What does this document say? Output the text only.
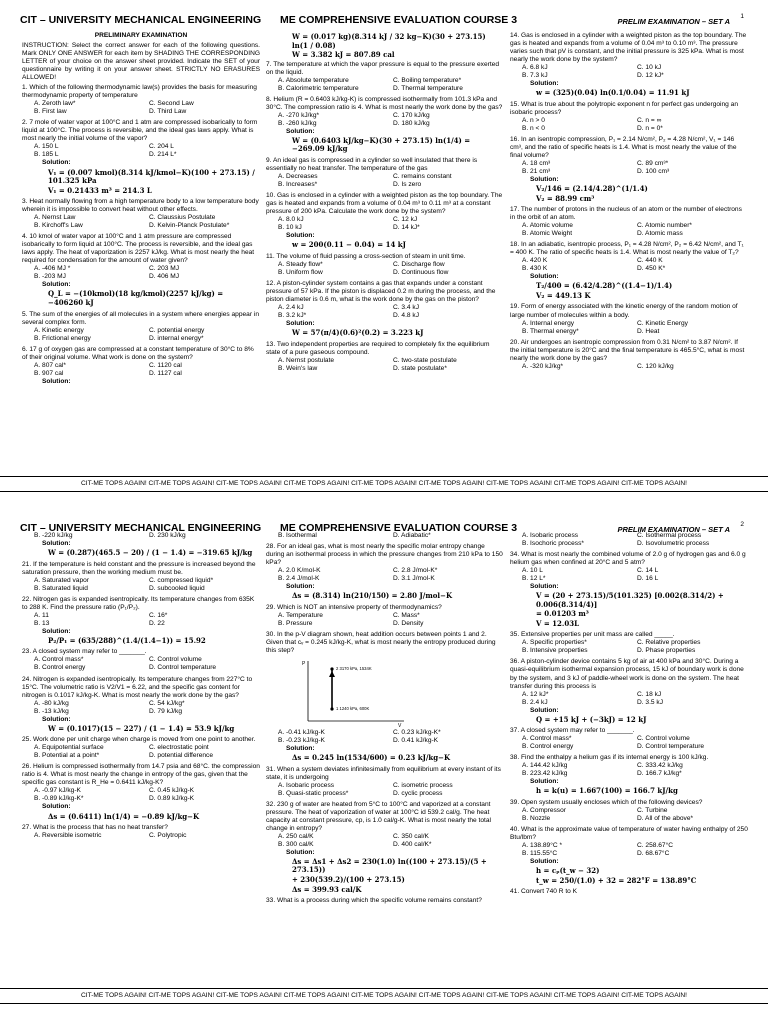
CIT – UNIVERSITY MECHANICAL ENGINEERING ME COMPREHENSIVE EVALUATION COURSE 3	PRELIM EXAMINATION – SET A
1

PRELIMINARY EXAMINATION

INSTRUCTION: Select the correct answer for each of the following questions. Mark ONLY ONE ANSWER for each item by SHADING THE CORRESPONDING LETTER of your choice on the answer sheet provided. Indicate the SET of your questionnaire by writing it on your answer sheet. STRICTLY NO ERASURES ALLOWED!

1. Which of the following thermodynamic law(s) provides the basis for measuring thermodynamic property of temperature
A. Zeroth law*	C. Second Law
B. First law	D. Third Law
2. 7 mole of water vapor at 100°C and 1 atm are compressed isobarically to form liquid at 100°C. The process is reversible, and the ideal gas laws apply. What is most nearly the initial volume of the vapor?
A. 150 L	C. 204 L
B. 185 L	D. 214 L*
Solution:
V₁ = (0.007 kmol)(8.314 kJ/kmol−K)(100 + 273.15) / 101.325 kPa
V₁ = 0.21433 m³ = 214.3 L
3. Heat normally flowing from a high temperature body to a low temperature body wherein it is impossible to convert heat without other effects.
A. Nernst Law	C. Claussius Postulate
B. Kirchoff's Law	D. Kelvin-Planck Postulate*
4. 10 kmol of water vapor at 100°C and 1 atm pressure are compressed isobarically to form liquid at 100°C. The process is reversible, and the ideal gas laws apply. The heat of vaporization is 2257 kJ/kg. What is most nearly the heat required for condensation for the amount of water given?
A. -406 MJ *	C. 203 MJ
B. -203 MJ	D. 406 MJ
Solution:
Q_L = −(10kmol)(18 kg/kmol)(2257 kJ/kg) = −406260 kJ
5. The sum of the energies of all molecules in a system where energies appear in several complex form.
A. Kinetic energy	C. potential energy
B. Frictional energy	D. internal energy*
6. 17 g of oxygen gas are compressed at a constant temperature of 30°C to 8% of their original volume. What work is done on the system?
A. 807 cal*	C. 1120 cal
B. 907 cal	D. 1127 cal
Solution:
W = (0.017 kg)(8.314 kJ / 32 kg−K)(30 + 273.15) ln(1 / 0.08)
W = 3.382 kJ = 807.89 cal
7. The temperature at which the vapor pressure is equal to the pressure exerted on the liquid.
A. Absolute temperature	C. Boiling temperature*
B. Calorimetric temperature	D. Thermal temperature
8. Helium (R = 0.6403 kJ/kg-K) is compressed isothermally from 101.3 kPa and 30°C. The compression ratio is 4. What is most nearly the work done by the gas?
A. -270 kJ/kg*	C. 170 kJ/kg
B. -260 kJ/kg	D. 180 kJ/kg
Solution:
W = (0.6403 kJ/kg−K)(30 + 273.15) ln(1/4) = −269.09 kJ/kg
9. An ideal gas is compressed in a cylinder so well insulated that there is essentially no heat transfer. The temperature of the gas
A. Decreases	C. remains constant
B. Increases*	D. Is zero
10. Gas is enclosed in a cylinder with a weighted piston as the top boundary. The gas is heated and expands from a volume of 0.04 m³ to 0.11 m³ at a constant pressure of 200 kPa. Calculate the work done by the system?
A. 8.0 kJ	C. 12 kJ
B. 10 kJ	D. 14 kJ*
Solution:
w = 200(0.11 − 0.04) = 14 kJ
11. The volume of fluid passing a cross-section of steam in unit time.
A. Steady flow*	C. Discharge flow
B. Uniform flow	D. Continuous flow
12. A piston-cylinder system contains a gas that expands under a constant pressure of 57 kPa. If the piston is displaced 0.2 m during the process, and the piston diameter is 0.6 m, what is the work done by the gas on the piston?
A. 2.4 kJ	C. 3.4 kJ
B. 3.2 kJ*	D. 4.8 kJ
Solution:
W = 57(π/4)(0.6)²(0.2) = 3.223 kJ
13. Two independent properties are required to completely fix the equilibrium state of a pure gaseous compound.
A. Nernst postulate	C. two-state postulate
B. Wein's law	D. state postulate*
14. Gas is enclosed in a cylinder with a weighted piston as the top boundary. The gas is heated and expands from a volume of 0.04 m³ to 0.10 m³. The pressure varies such that pV is constant, and the initial pressure is 325 kPa. What is most nearly the work done by the system?
A. 6.8 kJ	C. 10 kJ
B. 7.3 kJ	D. 12 kJ*
Solution:
w = (325)(0.04) ln(0.1/0.04) = 11.91 kJ
15. What is true about the polytropic exponent n for perfect gas undergoing an isobaric process?
A. n > 0	C. n = ∞
B. n < 0	D. n = 0*
16. In an isentropic compression, P₁ = 2.14 N/cm², P₂ = 4.28 N/cm², V₁ = 146 cm³, and the ratio of specific heats is 1.4. What is most nearly the value of the final volume?
A. 18 cm³	C. 89 cm³*
B. 21 cm³	D. 100 cm³
Solution:
V₂/146 = (2.14/4.28)^(1/1.4)
V₂ = 88.99 cm³
17. The number of protons in the nucleus of an atom or the number of electrons in the orbit of an atom.
A. Atomic volume	C. Atomic number*
B. Atomic Weight	D. Atomic mass
18. In an adiabatic, isentropic process, P₁ = 4.28 N/cm², P₂ = 6.42 N/cm², and T₁ = 400 K. The ratio of specific heats is 1.4. What is most nearly the value of T₂?
A. 420 K	C. 440 K
B. 430 K	D. 450 K*
Solution:
T₂/400 = (6.42/4.28)^((1.4−1)/1.4)
V₂ = 449.13 K
19. Form of energy associated with the kinetic energy of the random motion of large number of molecules within a body.
A. Internal energy	C. Kinetic Energy
B. Thermal energy*	D. Heat
20. Air undergoes an isentropic compression from 0.31 N/cm² to 3.87 N/cm². If the initial temperature is 20°C and the final temperature is 465.5°C, what is most nearly the work done by the gas?
A. -320 kJ/kg*	C. 120 kJ/kg
CIT-ME TOPS AGAIN! CIT-ME TOPS AGAIN! CIT-ME TOPS AGAIN! CIT-ME TOPS AGAIN! CIT-ME TOPS AGAIN! CIT-ME TOPS AGAIN! CIT-ME TOPS AGAIN! CIT-ME TOPS AGAIN! CIT-ME TOPS AGAIN!
CIT – UNIVERSITY MECHANICAL ENGINEERING ME COMPREHENSIVE EVALUATION COURSE 3	PRELIM EXAMINATION – SET A
2
B. -220 kJ/kg	D. 230 kJ/kg
Solution:
W = (0.287)(465.5 − 20) / (1 − 1.4) = −319.65 kJ/kg
21. If the temperature is held constant and the pressure is increased beyond the saturation pressure, then the working medium must be.
A. Saturated vapor	C. compressed liquid*
B. Saturated liquid	D. subcooled liquid
22. Nitrogen gas is expanded isentropically. Its temperature changes from 635K to 288 K. Find the pressure ratio (P₁/P₂).
A. 11	C. 16*
B. 13	D. 22
Solution:
P₂/P₁ = (635/288)^(1.4/(1.4−1)) = 15.92
23. A closed system may refer to _______.
A. Control mass*	C. Control volume
B. Control energy	D. Control temperature
24. Nitrogen is expanded isentropically. Its temperature changes from 227°C to 15°C. The volumetric ratio is V2/V1 = 6.22, and the specific gas content for nitrogen is 0.1017 kJ/kg-K. What is most nearly the work done by the gas?
A. -80 kJ/kg	C. 54 kJ/kg*
B. -13 kJ/kg	D. 79 kJ/kg
Solution:
W = (0.1017)(15 − 227) / (1 − 1.4) = 53.9 kJ/kg
25. Work done per unit charge when charge is moved from one point to another.
A. Equipotential surface	C. electrostatic point
B. Potential at a point*	D. potential difference
26. Helium is compressed isothermally from 14.7 psia and 68°C. the compression ratio is 4. What is most nearly the change in entropy of the gas, given that the specific gas constant is R_He = 0.6411 kJ/kg-K?
A. -0.97 kJ/kg-K	C. 0.45 kJ/kg-K
B. -0.89 kJ/kg-K*	D. 0.89 kJ/kg-K
Solution:
Δs = (0.6411) ln(1/4) = −0.89 kJ/kg−K
27. What is the process that has no heat transfer?
A. Reversible isometric	C. Polytropic
B. Isothermal	D. Adiabatic*
28. For an ideal gas, what is most nearly the specific molar entropy change during an isothermal process in which the pressure changes from 210 kPa to 150 kPa?
A. 2.0 K/mol-K	C. 2.8 J/mol-K*
B. 2.4 J/mol-K	D. 3.1 J/mol-K
Solution:
Δs = (8.314) ln(210/150) = 2.80 J/mol−K
29. Which is NOT an intensive property of thermodynamics?
A. Temperature	C. Mass*
B. Pressure	D. Density
30. In the p-V diagram shown, heat addition occurs between points 1 and 2. Given that cᵥ = 0.245 kJ/kg-K, what is most nearly the entropy produced during this step?
P
V
2 3170 kPa, 1534K
1 1240 kPa, 600K
A. -0.41 kJ/kg-K	C. 0.23 kJ/kg-K*
B. -0.23 kJ/kg-K	D. 0.41 kJ/kg-K
Solution:
Δs = 0.245 ln(1534/600) = 0.23 kJ/kg−K
31. When a system deviates infinitesimally from equilibrium at every instant of its state, it is undergoing
A. Isobaric process	C. isometric process
B. Quasi-static process*	D. cyclic process
32. 230 g of water are heated from 5°C to 100°C and vaporized at a constant pressure. The heat of vaporization of water at 100°C id 539.2 cal/g. The heat capacity at constant pressure, cp, is 1.0 cal/g-K. What is most nearly the total change in entropy?
A. 250 cal/K	C. 350 cal/K
B. 300 cal/K	D. 400 cal/K*
Solution:
Δs = Δs1 + Δs2 = 230(1.0) ln((100 + 273.15)/(5 + 273.15))
+ 230(539.2)/(100 + 273.15)
Δs = 399.93 cal/K
33. What is a process during which the specific volume remains constant?
A. Isobaric process	C. Isothermal process
B. Isochoric process*	D. Isovolumetric process
34. What is most nearly the combined volume of 2.0 g of hydrogen gas and 6.0 g helium gas when confined at 20°C and 5 atm?
A. 10 L	C. 14 L
B. 12 L*	D. 16 L
Solution:
V = (20 + 273.15)/5(101.325) [0.002(8.314/2) + 0.006(8.314/4)]
= 0.01203 m³
V = 12.03L
35. Extensive properties per unit mass are called _____.
A. Specific properties*	C. Relative properties
B. Intensive properties	D. Phase properties
36. A piston-cylinder device contains 5 kg of air at 400 kPa and 30°C. During a quasi-equilibrium isothermal expansion process, 15 kJ of boundary work is done by the system, and 3 kJ of paddle-wheel work is done on the system. The heat transfer during this process is
A. 12 kJ*	C. 18 kJ
B. 2.4 kJ	D. 3.5 kJ
Solution:
Q = +15 kJ + (−3kJ) = 12 kJ
37. A closed system may refer to _______.
A. Control mass*	C. Control volume
B. Control energy	D. Control temperature
38. Find the enthalpy a helium gas if its internal energy is 100 kJ/kg.
A. 144.42 kJ/kg	C. 333.42 kJ/kg
B. 223.42 kJ/kg	D. 166.7 kJ/kg*
Solution:
h = k(u) = 1.667(100) = 166.7 kJ/kg
39. Open system usually encloses which of the following devices?
A. Compressor	C. Turbine
B. Nozzle	D. All of the above*
40. What is the approximate value of temperature of water having enthalpy of 250 Btu/lbm?
A. 138.89°C *	C. 258.67°C
B. 115.55°C	D. 68.67°C
Solution:
h = cₚ(t_w − 32)
t_w = 250/(1.0) + 32 = 282°F = 138.89°C
41. Convert 740 R to K
CIT-ME TOPS AGAIN! CIT-ME TOPS AGAIN! CIT-ME TOPS AGAIN! CIT-ME TOPS AGAIN! CIT-ME TOPS AGAIN! CIT-ME TOPS AGAIN! CIT-ME TOPS AGAIN! CIT-ME TOPS AGAIN! CIT-ME TOPS AGAIN!
